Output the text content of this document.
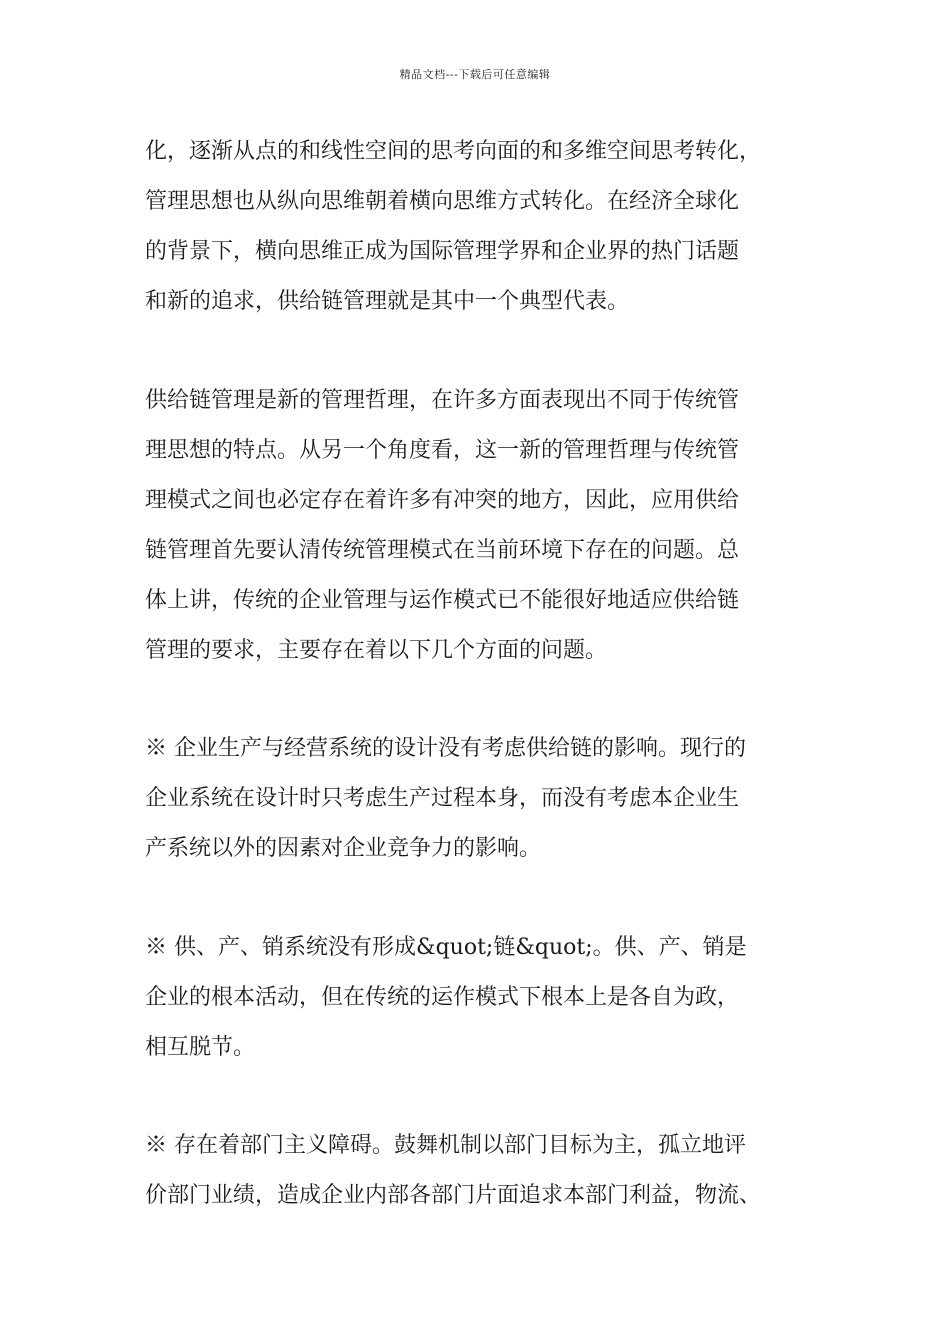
精品文档---下载后可任意编辑
化，逐渐从点的和线性空间的思考向面的和多维空间思考转化，
管理思想也从纵向思维朝着横向思维方式转化。在经济全球化
的背景下，横向思维正成为国际管理学界和企业界的热门话题
和新的追求，供给链管理就是其中一个典型代表。
供给链管理是新的管理哲理，在许多方面表现出不同于传统管
理思想的特点。从另一个角度看，这一新的管理哲理与传统管
理模式之间也必定存在着许多有冲突的地方，因此，应用供给
链管理首先要认清传统管理模式在当前环境下存在的问题。总
体上讲，传统的企业管理与运作模式已不能很好地适应供给链
管理的要求，主要存在着以下几个方面的问题。
※ 企业生产与经营系统的设计没有考虑供给链的影响。现行的
企业系统在设计时只考虑生产过程本身，而没有考虑本企业生
产系统以外的因素对企业竞争力的影响。
※ 供、产、销系统没有形成&quot;链&quot;。供、产、销是
企业的根本活动，但在传统的运作模式下根本上是各自为政，
相互脱节。
※ 存在着部门主义障碍。鼓舞机制以部门目标为主，孤立地评
价部门业绩，造成企业内部各部门片面追求本部门利益，物流、
